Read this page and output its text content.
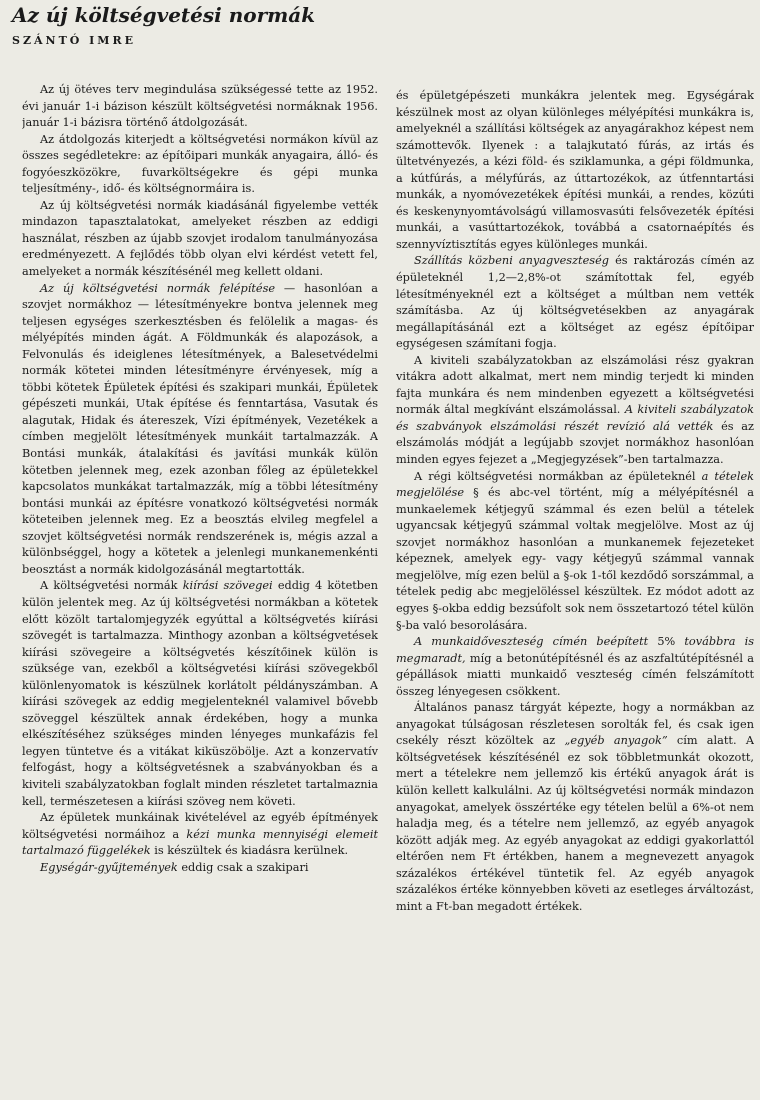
Az új költségvetési normák
SZÁNTÓ IMRE

Az új ötéves terv megindulása szükségessé tette az 1952. évi január 1-i bázison készült költségvetési normáknak 1956. január 1-i bázisra történő átdolgozását.

Az átdolgozás kiterjedt a költségvetési normákon kívül az összes segédletekre: az építőipari munkák anyagaira, álló- és fogyóeszközökre, fuvarköltségekre és gépi munka teljesítmény-, idő- és költségnormáira is.

Az új költségvetési normák kiadásánál figyelembe vették mindazon tapasztalatokat, amelyeket részben az eddigi használat, részben az újabb szovjet irodalom tanulmányozása eredményezett. A fejlődés több olyan elvi kérdést vetett fel, amelyeket a normák készítésénél meg kellett oldani.

Az új költségvetési normák felépítése — hasonlóan a szovjet normákhoz — létesítményekre bontva jelennek meg teljesen egységes szerkesztésben és felölelik a magas- és mélyépítés minden ágát. A Földmunkák és alapozások, a Felvonulás és ideiglenes létesítmények, a Balesetvédelmi normák kötetei minden létesítményre érvényesek, míg a többi kötetek Épületek építési és szakipari munkái, Épületek gépészeti munkái, Utak építése és fenntartása, Vasutak és alagutak, Hidak és átereszek, Vízi építmények, Vezetékek a címben megjelölt létesítmények munkáit tartalmazzák. A Bontási munkák, átalakítási és javítási munkák külön kötetben jelennek meg, ezek azonban főleg az épületekkel kapcsolatos munkákat tartalmazzák, míg a többi létesítmény bontási munkái az építésre vonatkozó költségvetési normák köteteiben jelennek meg. Ez a beosztás elvileg megfelel a szovjet költségvetési normák rendszerének is, mégis azzal a különbséggel, hogy a kötetek a jelenlegi munkanemenkénti beosztást a normák kidolgozásánál megtartották.

A költségvetési normák kiírási szövegei eddig 4 kötetben külön jelentek meg. Az új költségvetési normákban a kötetek előtt közölt tartalomjegyzék egyúttal a költségvetés kiírási szövegét is tartalmazza. Minthogy azonban a költségvetések kiírási szövegeire a költségvetés készítőinek külön is szüksége van, ezekből a költségvetési kiírási szövegekből különlenyomatok is készülnek korlátolt példányszámban. A kiírási szövegek az eddig megjelenteknél valamivel bővebb szöveggel készültek annak érdekében, hogy a munka elkészítéséhez szükséges minden lényeges munkafázis fel legyen tüntetve és a vitákat kiküszöbölje. Azt a konzervatív felfogást, hogy a költségvetésnek a szabványokban és a kiviteli szabályzatokban foglalt minden részletet tartalmaznia kell, természetesen a kiírási szöveg nem követi.

Az épületek munkáinak kivételével az egyéb építmények költségvetési normáihoz a kézi munka mennyiségi elemeit tartalmazó függelékek is készültek és kiadásra kerülnek.

Egységár-gyűjtemények eddig csak a szakipari

és épületgépészeti munkákra jelentek meg. Egységárak készülnek most az olyan különleges mélyépítési munkákra is, amelyeknél a szállítási költségek az anyagárakhoz képest nem számottevők. Ilyenek : a talajkutató fúrás, az irtás és ültetvényezés, a kézi föld- és sziklamunka, a gépi földmunka, a kútfúrás, a mélyfúrás, az úttartozékok, az útfenntartási munkák, a nyomóvezetékek építési munkái, a rendes, közúti és keskenynyomtávolságú villamosvasúti felsővezeték építési munkái, a vasúttartozékok, továbbá a csatornaépítés és szennyvíztisztítás egyes különleges munkái.

Szállítás közbeni anyagveszteség és raktározás címén az épületeknél 1,2—2,8%-ot számítottak fel, egyéb létesítményeknél ezt a költséget a múltban nem vették számításba. Az új költségvetésekben az anyagárak megállapításánál ezt a költséget az egész építőipar egységesen számítani fogja.

A kiviteli szabályzatokban az elszámolási rész gyakran vitákra adott alkalmat, mert nem mindig terjedt ki minden fajta munkára és nem mindenben egyezett a költségvetési normák által megkívánt elszámolással. A kiviteli szabályzatok és szabványok elszámolási részét revízió alá vették és az elszámolás módját a legújabb szovjet normákhoz hasonlóan minden egyes fejezet a „Megjegyzések”-ben tartalmazza.

A régi költségvetési normákban az épületeknél a tételek megjelölése § és abc-vel történt, míg a mélyépítésnél a munkaelemek kétjegyű számmal és ezen belül a tételek ugyancsak kétjegyű számmal voltak megjelölve. Most az új szovjet normákhoz hasonlóan a munkanemek fejezeteket képeznek, amelyek egy- vagy kétjegyű számmal vannak megjelölve, míg ezen belül a §-ok 1-től kezdődő sorszámmal, a tételek pedig abc megjelöléssel készültek. Ez módot adott az egyes §-okba eddig bezsúfolt sok nem összetartozó tétel külön §-ba való besorolására.

A munkaidőveszteség címén beépített 5% továbbra is megmaradt, míg a betonútépítésnél és az aszfaltútépítésnél a gépállások miatti munkaidő veszteség címén felszámított összeg lényegesen csökkent.

Általános panasz tárgyát képezte, hogy a normákban az anyagokat túlságosan részletesen sorolták fel, és csak igen csekély részt közöltek az „egyéb anyagok” cím alatt. A költségvetések készítésénél ez sok többletmunkát okozott, mert a tételekre nem jellemző kis értékű anyagok árát is külön kellett kalkulálni. Az új költségvetési normák mindazon anyagokat, amelyek összértéke egy tételen belül a 6%-ot nem haladja meg, és a tételre nem jellemző, az egyéb anyagok között adják meg. Az egyéb anyagokat az eddigi gyakorlattól eltérően nem Ft értékben, hanem a megnevezett anyagok százalékos értékével tüntetik fel. Az egyéb anyagok százalékos értéke könnyebben követi az esetleges árváltozást, mint a Ft-ban megadott értékek.
